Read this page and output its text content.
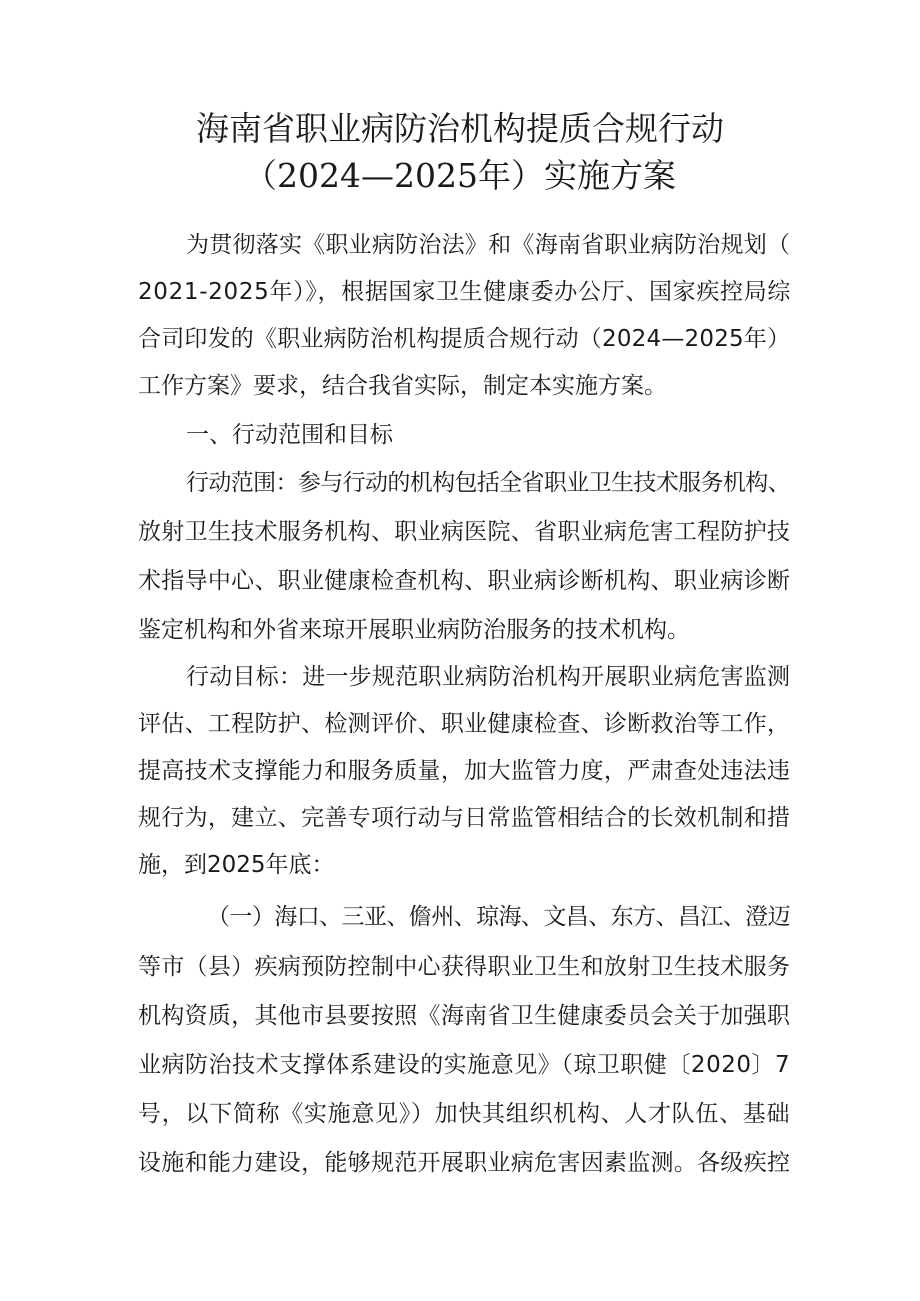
海南省职业病防治机构提质合规行动
（2024—2025年）实施方案
为贯彻落实《职业病防治法》和《海南省职业病防治规划（
2021-2025年）》，根据国家卫生健康委办公厅、国家疾控局综
合司印发的《职业病防治机构提质合规行动（2024—2025年）
工作方案》要求，结合我省实际，制定本实施方案。
一、行动范围和目标
行动范围：参与行动的机构包括全省职业卫生技术服务机构、
放射卫生技术服务机构、职业病医院、省职业病危害工程防护技
术指导中心、职业健康检查机构、职业病诊断机构、职业病诊断
鉴定机构和外省来琼开展职业病防治服务的技术机构。
行动目标：进一步规范职业病防治机构开展职业病危害监测
评估、工程防护、检测评价、职业健康检查、诊断救治等工作，
提高技术支撑能力和服务质量，加大监管力度，严肃查处违法违
规行为，建立、完善专项行动与日常监管相结合的长效机制和措
施，到2025年底：
（一）海口、三亚、儋州、琼海、文昌、东方、昌江、澄迈
等市（县）疾病预防控制中心获得职业卫生和放射卫生技术服务
机构资质，其他市县要按照《海南省卫生健康委员会关于加强职
业病防治技术支撑体系建设的实施意见》（琼卫职健〔2020〕7
号，以下简称《实施意见》）加快其组织机构、人才队伍、基础
设施和能力建设，能够规范开展职业病危害因素监测。各级疾控
